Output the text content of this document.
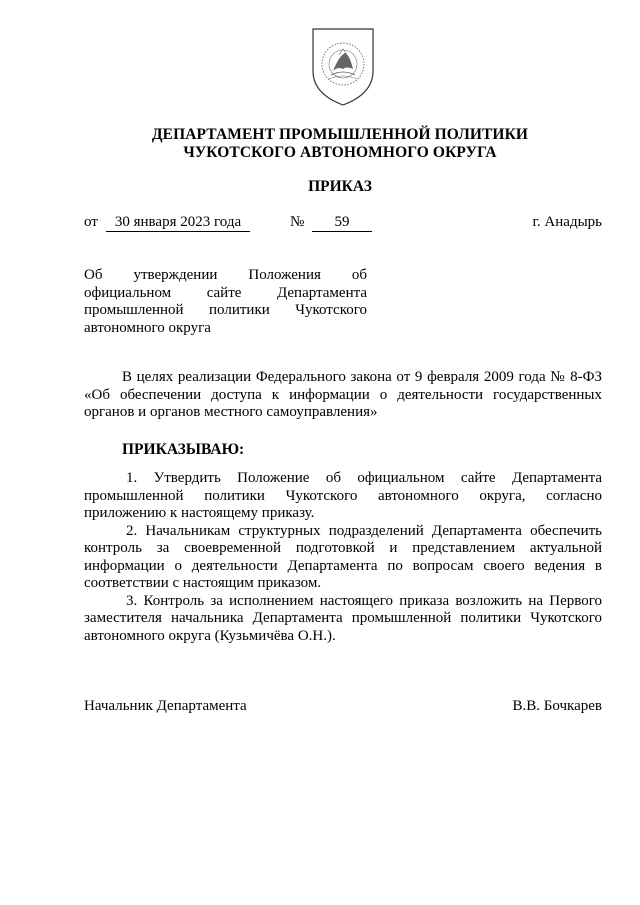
ДЕПАРТАМЕНТ ПРОМЫШЛЕННОЙ ПОЛИТИКИ
ЧУКОТСКОГО АВТОНОМНОГО ОКРУГА
ПРИКАЗ
от	30 января 2023 года	№	59	г. Анадырь
Об утверждении Положения об
официальном сайте Департамента
промышленной политики Чукотского
автономного округа
В целях реализации Федерального закона от 9 февраля 2009 года № 8-ФЗ «Об обеспечении доступа к информации о деятельности государственных органов и органов местного самоуправления»
ПРИКАЗЫВАЮ:

1. Утвердить Положение об официальном сайте Департамента промышленной политики Чукотского автономного округа, согласно приложению к настоящему приказу.

2. Начальникам структурных подразделений Департамента обеспечить контроль за своевременной подготовкой и представлением актуальной информации о деятельности Департамента по вопросам своего ведения в соответствии с настоящим приказом.

3. Контроль за исполнением настоящего приказа возложить на Первого заместителя начальника Департамента промышленной политики Чукотского автономного округа (Кузьмичёва О.Н.).

Начальник Департамента	В.В. Бочкарев
